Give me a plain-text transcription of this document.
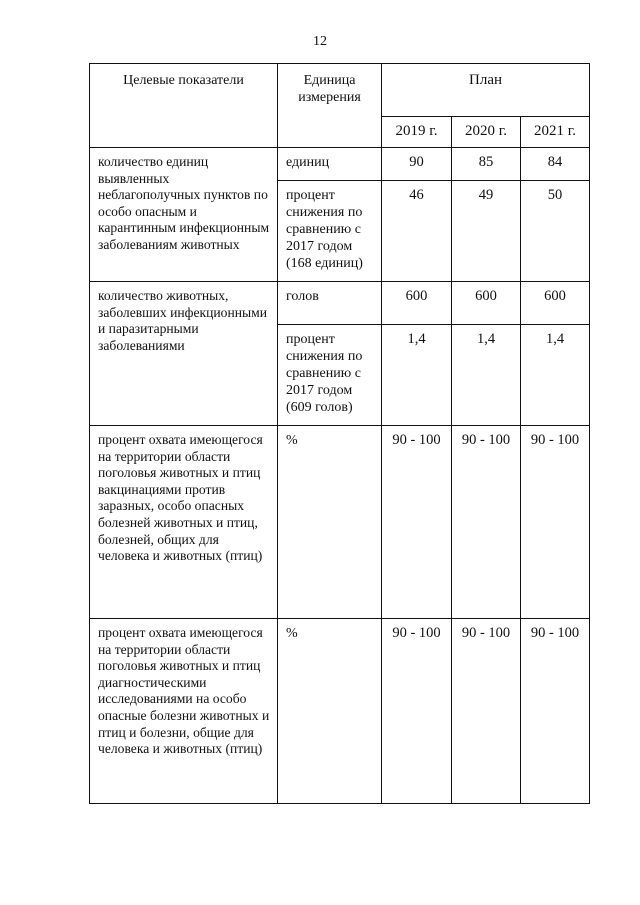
12
Целевые показатели	Единица измерения	План		
		2019 г.	2020 г.	2021 г.
количество единиц выявленных неблагополучных пунктов по особо опасным и карантинным инфекционным заболеваниям животных	единиц	90	85	84
	процент снижения по сравнению с 2017 годом (168 единиц)	46	49	50
количество животных, заболевших инфекционными и паразитарными заболеваниями	голов	600	600	600
	процент снижения по сравнению с 2017 годом (609 голов)	1,4	1,4	1,4
процент охвата имеющегося на территории области поголовья животных и птиц вакцинациями против заразных, особо опасных болезней животных и птиц, болезней, общих для человека и животных (птиц)	%	90 - 100	90 - 100	90 - 100
процент охвата имеющегося на территории области поголовья животных и птиц диагностическими исследованиями на особо опасные болезни животных и птиц и болезни, общие для человека и животных (птиц)	%	90 - 100	90 - 100	90 - 100
